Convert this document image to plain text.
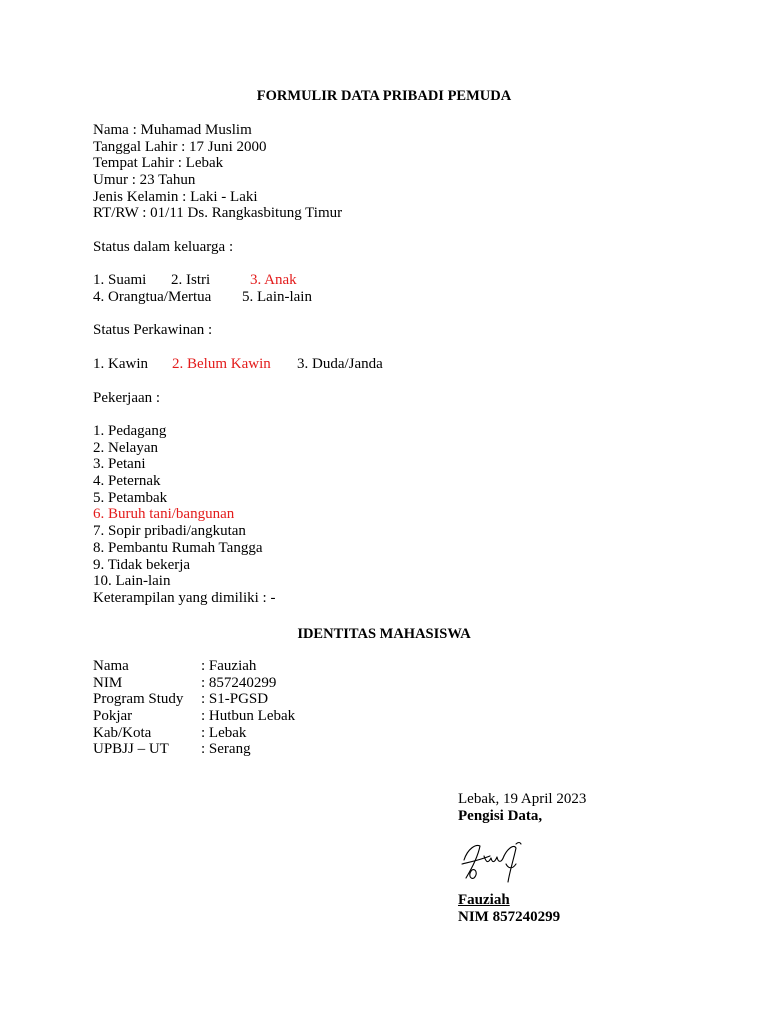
FORMULIR DATA PRIBADI PEMUDA
Nama : Muhamad Muslim
Tanggal Lahir : 17 Juni 2000
Tempat Lahir : Lebak
Umur : 23 Tahun
Jenis Kelamin : Laki - Laki
RT/RW : 01/11 Ds. Rangkasbitung Timur
Status dalam keluarga :
1. Suami 2. Istri	3. Anak
4. Orangtua/Mertua 5. Lain-lain
Status Perkawinan :
1. Kawin 2. Belum Kawin 3. Duda/Janda
Pekerjaan :
1. Pedagang
2. Nelayan
3. Petani
4. Peternak
5. Petambak
6. Buruh tani/bangunan
7. Sopir pribadi/angkutan
8. Pembantu Rumah Tangga
9. Tidak bekerja
10. Lain-lain
Keterampilan yang dimiliki : -
IDENTITAS MAHASISWA
Nama	: Fauziah
NIM	: 857240299
Program Study : S1-PGSD
Pokjar	: Hutbun Lebak
Kab/Kota	: Lebak
UPBJJ – UT : Serang
Lebak, 19 April 2023
Pengisi Data,
Fauziah
NIM 857240299
